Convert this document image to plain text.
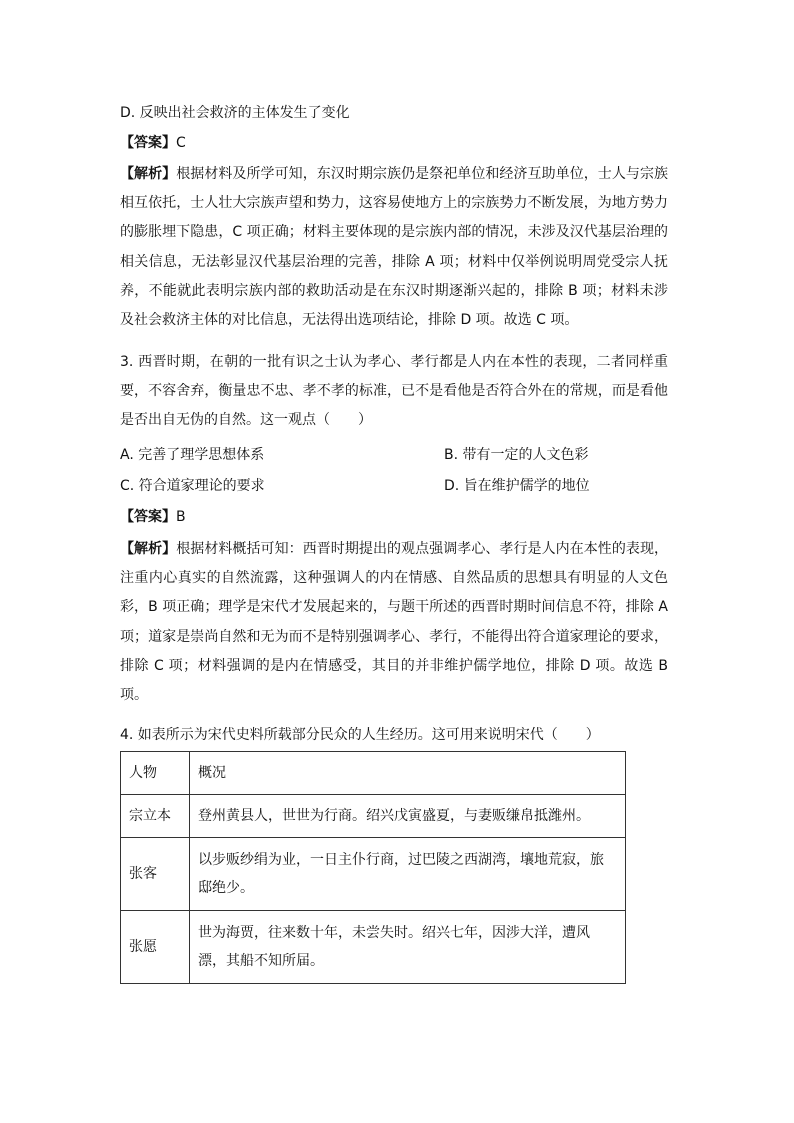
D. 反映出社会救济的主体发生了变化
【答案】C
【解析】根据材料及所学可知，东汉时期宗族仍是祭祀单位和经济互助单位，士人与宗族相互依托，士人壮大宗族声望和势力，这容易使地方上的宗族势力不断发展，为地方势力的膨胀埋下隐患，C 项正确；材料主要体现的是宗族内部的情况，未涉及汉代基层治理的相关信息，无法彰显汉代基层治理的完善，排除 A 项；材料中仅举例说明周党受宗人抚养，不能就此表明宗族内部的救助活动是在东汉时期逐渐兴起的，排除 B 项；材料未涉及社会救济主体的对比信息，无法得出选项结论，排除 D 项。故选 C 项。
3. 西晋时期，在朝的一批有识之士认为孝心、孝行都是人内在本性的表现，二者同样重要，不容舍弃，衡量忠不忠、孝不孝的标准，已不是看他是否符合外在的常规，而是看他是否出自无伪的自然。这一观点（　　）
A. 完善了理学思想体系	B. 带有一定的人文色彩
C. 符合道家理论的要求	D. 旨在维护儒学的地位
【答案】B
【解析】根据材料概括可知：西晋时期提出的观点强调孝心、孝行是人内在本性的表现，注重内心真实的自然流露，这种强调人的内在情感、自然品质的思想具有明显的人文色彩，B 项正确；理学是宋代才发展起来的，与题干所述的西晋时期时间信息不符，排除 A 项；道家是崇尚自然和无为而不是特别强调孝心、孝行，不能得出符合道家理论的要求，排除 C 项；材料强调的是内在情感受，其目的并非维护儒学地位，排除 D 项。故选 B 项。
4. 如表所示为宋代史料所载部分民众的人生经历。这可用来说明宋代（　　）
人物	概况
宗立本	登州黄县人，世世为行商。绍兴戊寅盛夏，与妻贩缣帛抵潍州。
张客	以步贩纱绢为业，一日主仆行商，过巴陵之西湖湾，壤地荒寂，旅邸绝少。
张愿	世为海贾，往来数十年，未尝失时。绍兴七年，因涉大洋，遭风漂，其船不知所届。
